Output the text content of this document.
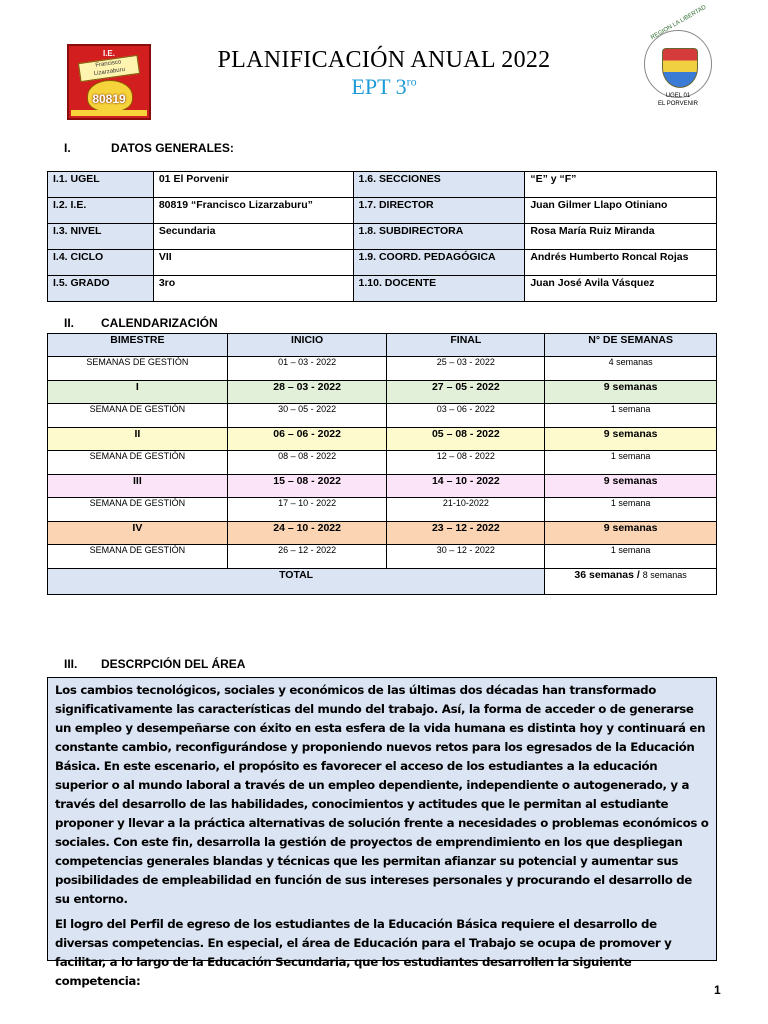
I.E.
Francisco Lizarzaburu
80819
REGION LA LIBERTAD
UGEL 01
EL PORVENIR
PLANIFICACIÓN ANUAL 2022
EPT $3^{ro}$
I.	DATOS GENERALES:
I.1. UGEL	01 El Porvenir	1.6. SECCIONES	“E” y “F”
I.2. I.E.	80819 “Francisco Lizarzaburu”	1.7. DIRECTOR	Juan Gilmer Llapo Otiniano
I.3. NIVEL	Secundaria	1.8. SUBDIRECTORA	Rosa María Ruiz Miranda
I.4. CICLO	VII	1.9. COORD. PEDAGÓGICA	Andrés Humberto Roncal Rojas
I.5. GRADO	3ro	1.10. DOCENTE	Juan José Avila Vásquez
II. CALENDARIZACIÓN
BIMESTRE	INICIO	FINAL	N° DE SEMANAS
SEMANAS DE GESTIÓN	01 – 03 - 2022	25 – 03 - 2022	4 semanas
I	28 – 03 - 2022	27 – 05 - 2022	9 semanas
SEMANA DE GESTIÓN	30 – 05 - 2022	03 – 06 - 2022	1 semana
II	06 – 06 - 2022	05 – 08 - 2022	9 semanas
SEMANA DE GESTIÓN	08 – 08 - 2022	12 – 08 - 2022	1 semana
III	15 – 08 - 2022	14 – 10 - 2022	9 semanas
SEMANA DE GESTIÓN	17 – 10 - 2022	21-10-2022	1 semana
IV	24 – 10 - 2022	23 – 12 - 2022	9 semanas
SEMANA DE GESTIÓN	26 – 12 - 2022	30 – 12 - 2022	1 semana
TOTAL			36 semanas / 8 semanas
III. DESCRPCIÓN DEL ÁREA

Los cambios tecnológicos, sociales y económicos de las últimas dos décadas han transformado significativamente las características del mundo del trabajo. Así, la forma de acceder o de generarse un empleo y desempeñarse con éxito en esta esfera de la vida humana es distinta hoy y continuará en constante cambio, reconfigurándose y proponiendo nuevos retos para los egresados de la Educación Básica. En este escenario, el propósito es favorecer el acceso de los estudiantes a la educación superior o al mundo laboral a través de un empleo dependiente, independiente o autogenerado, y a través del desarrollo de las habilidades, conocimientos y actitudes que le permitan al estudiante proponer y llevar a la práctica alternativas de solución frente a necesidades o problemas económicos o sociales. Con este fin, desarrolla la gestión de proyectos de emprendimiento en los que despliegan competencias generales blandas y técnicas que les permitan afianzar su potencial y aumentar sus posibilidades de empleabilidad en función de sus intereses personales y procurando el desarrollo de su entorno.

El logro del Perfil de egreso de los estudiantes de la Educación Básica requiere el desarrollo de diversas competencias. En especial, el área de Educación para el Trabajo se ocupa de promover y facilitar, a lo largo de la Educación Secundaria, que los estudiantes desarrollen la siguiente competencia:

1
